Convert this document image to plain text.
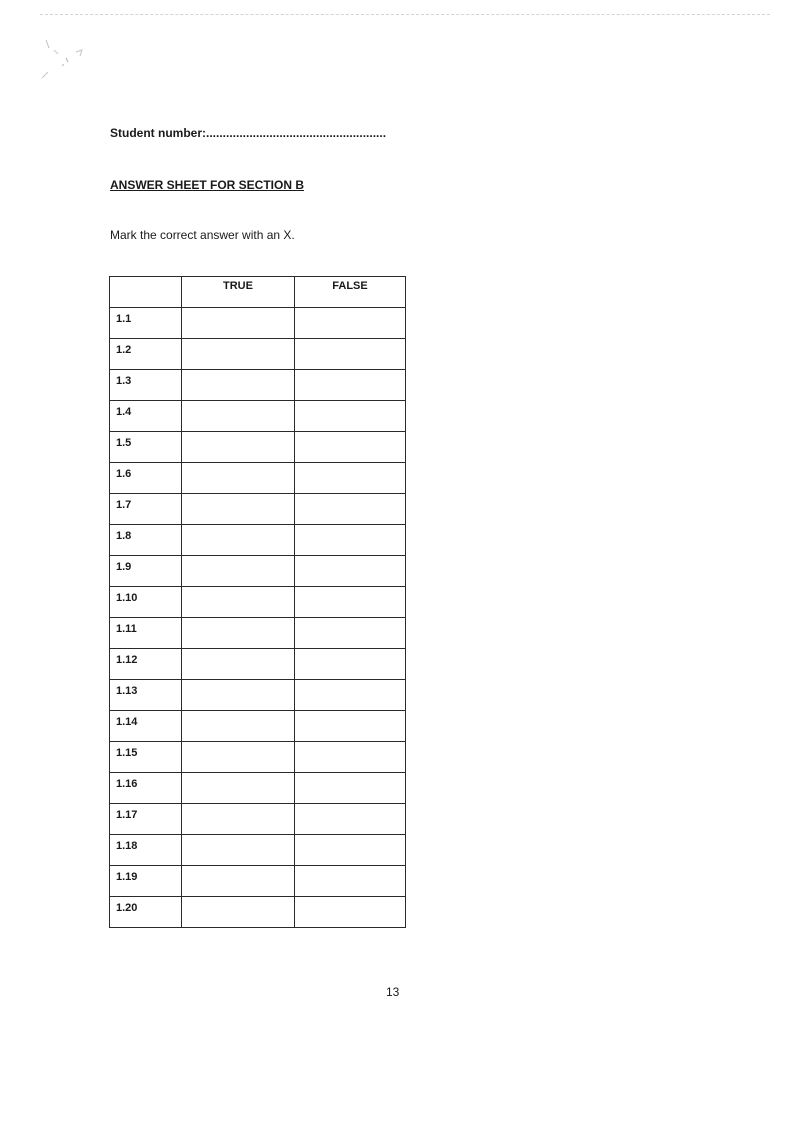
Student number:......................................................
ANSWER SHEET FOR SECTION B
Mark the correct answer with an X.
	TRUE	FALSE
1.1		
1.2		
1.3		
1.4		
1.5		
1.6		
1.7		
1.8		
1.9		
1.10		
1.11		
1.12		
1.13		
1.14		
1.15		
1.16		
1.17		
1.18		
1.19		
1.20		
13
